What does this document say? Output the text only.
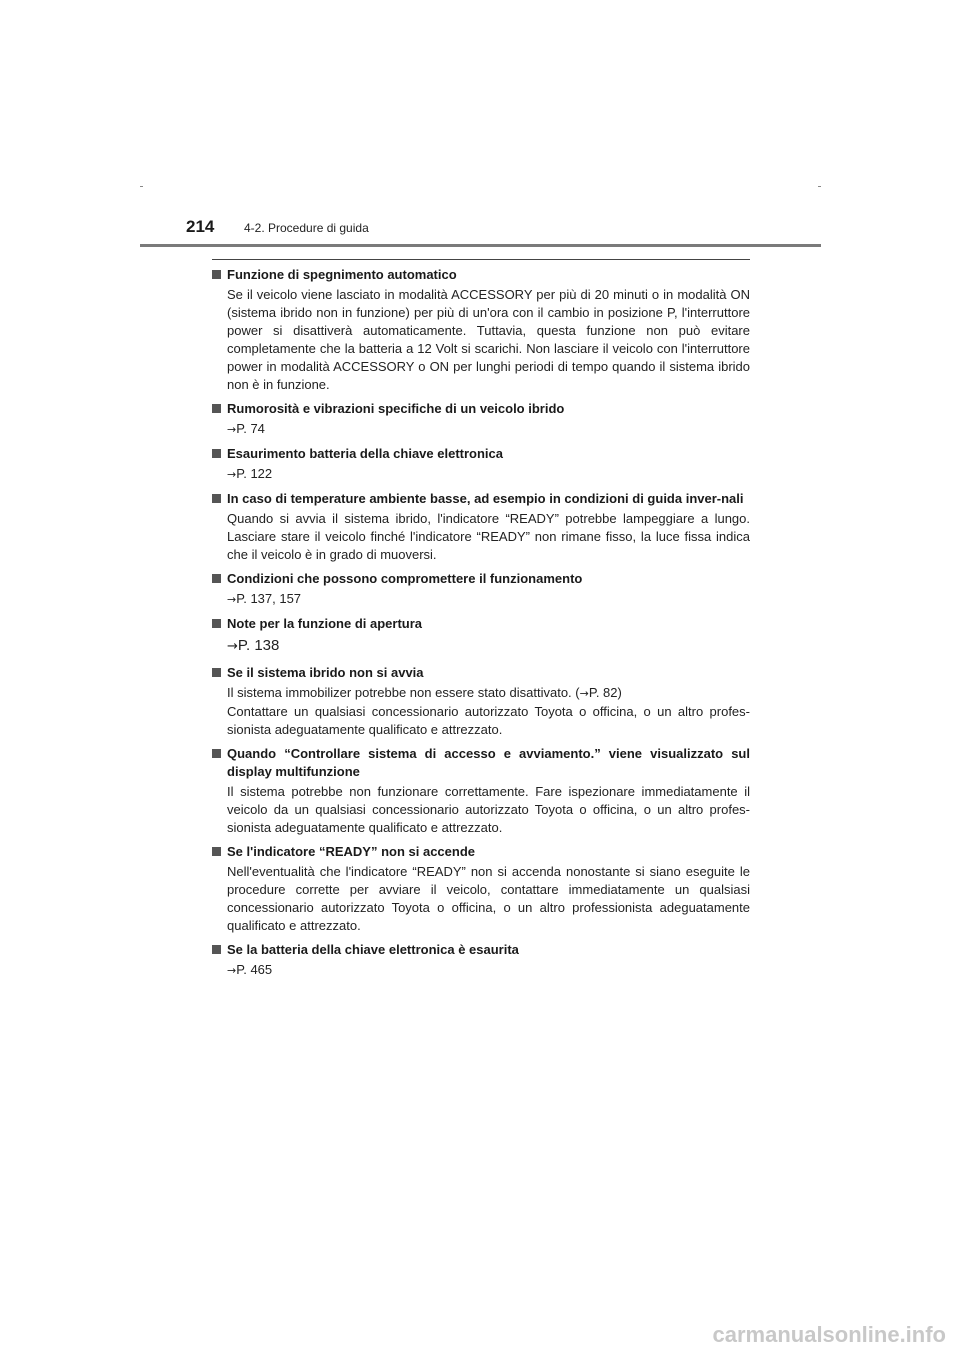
214 4-2. Procedure di guida
Funzione di spegnimento automatico
Se il veicolo viene lasciato in modalità ACCESSORY per più di 20 minuti o in modalità ON (sistema ibrido non in funzione) per più di un'ora con il cambio in posizione P, l'interruttore power si disattiverà automaticamente. Tuttavia, questa funzione non può evitare completamente che la batteria a 12 Volt si scarichi. Non lasciare il veicolo con l'interruttore power in modalità ACCESSORY o ON per lunghi periodi di tempo quando il sistema ibrido non è in funzione.
Rumorosità e vibrazioni specifiche di un veicolo ibrido
→P. 74
Esaurimento batteria della chiave elettronica
→P. 122
In caso di temperature ambiente basse, ad esempio in condizioni di guida inver-nali
Quando si avvia il sistema ibrido, l'indicatore “READY” potrebbe lampeggiare a lungo. Lasciare stare il veicolo finché l'indicatore “READY” non rimane fisso, la luce fissa indica che il veicolo è in grado di muoversi.
Condizioni che possono compromettere il funzionamento
→P. 137, 157
Note per la funzione di apertura
→P. 138
Se il sistema ibrido non si avvia
Il sistema immobilizer potrebbe non essere stato disattivato. (→P. 82)
Contattare un qualsiasi concessionario autorizzato Toyota o officina, o un altro profes-sionista adeguatamente qualificato e attrezzato.
Quando “Controllare sistema di accesso e avviamento.” viene visualizzato sul display multifunzione
Il sistema potrebbe non funzionare correttamente. Fare ispezionare immediatamente il veicolo da un qualsiasi concessionario autorizzato Toyota o officina, o un altro profes-sionista adeguatamente qualificato e attrezzato.
Se l'indicatore “READY” non si accende
Nell'eventualità che l'indicatore “READY” non si accenda nonostante si siano eseguite le procedure corrette per avviare il veicolo, contattare immediatamente un qualsiasi concessionario autorizzato Toyota o officina, o un altro professionista adeguatamente qualificato e attrezzato.
Se la batteria della chiave elettronica è esaurita
→P. 465
carmanualsonline.info
